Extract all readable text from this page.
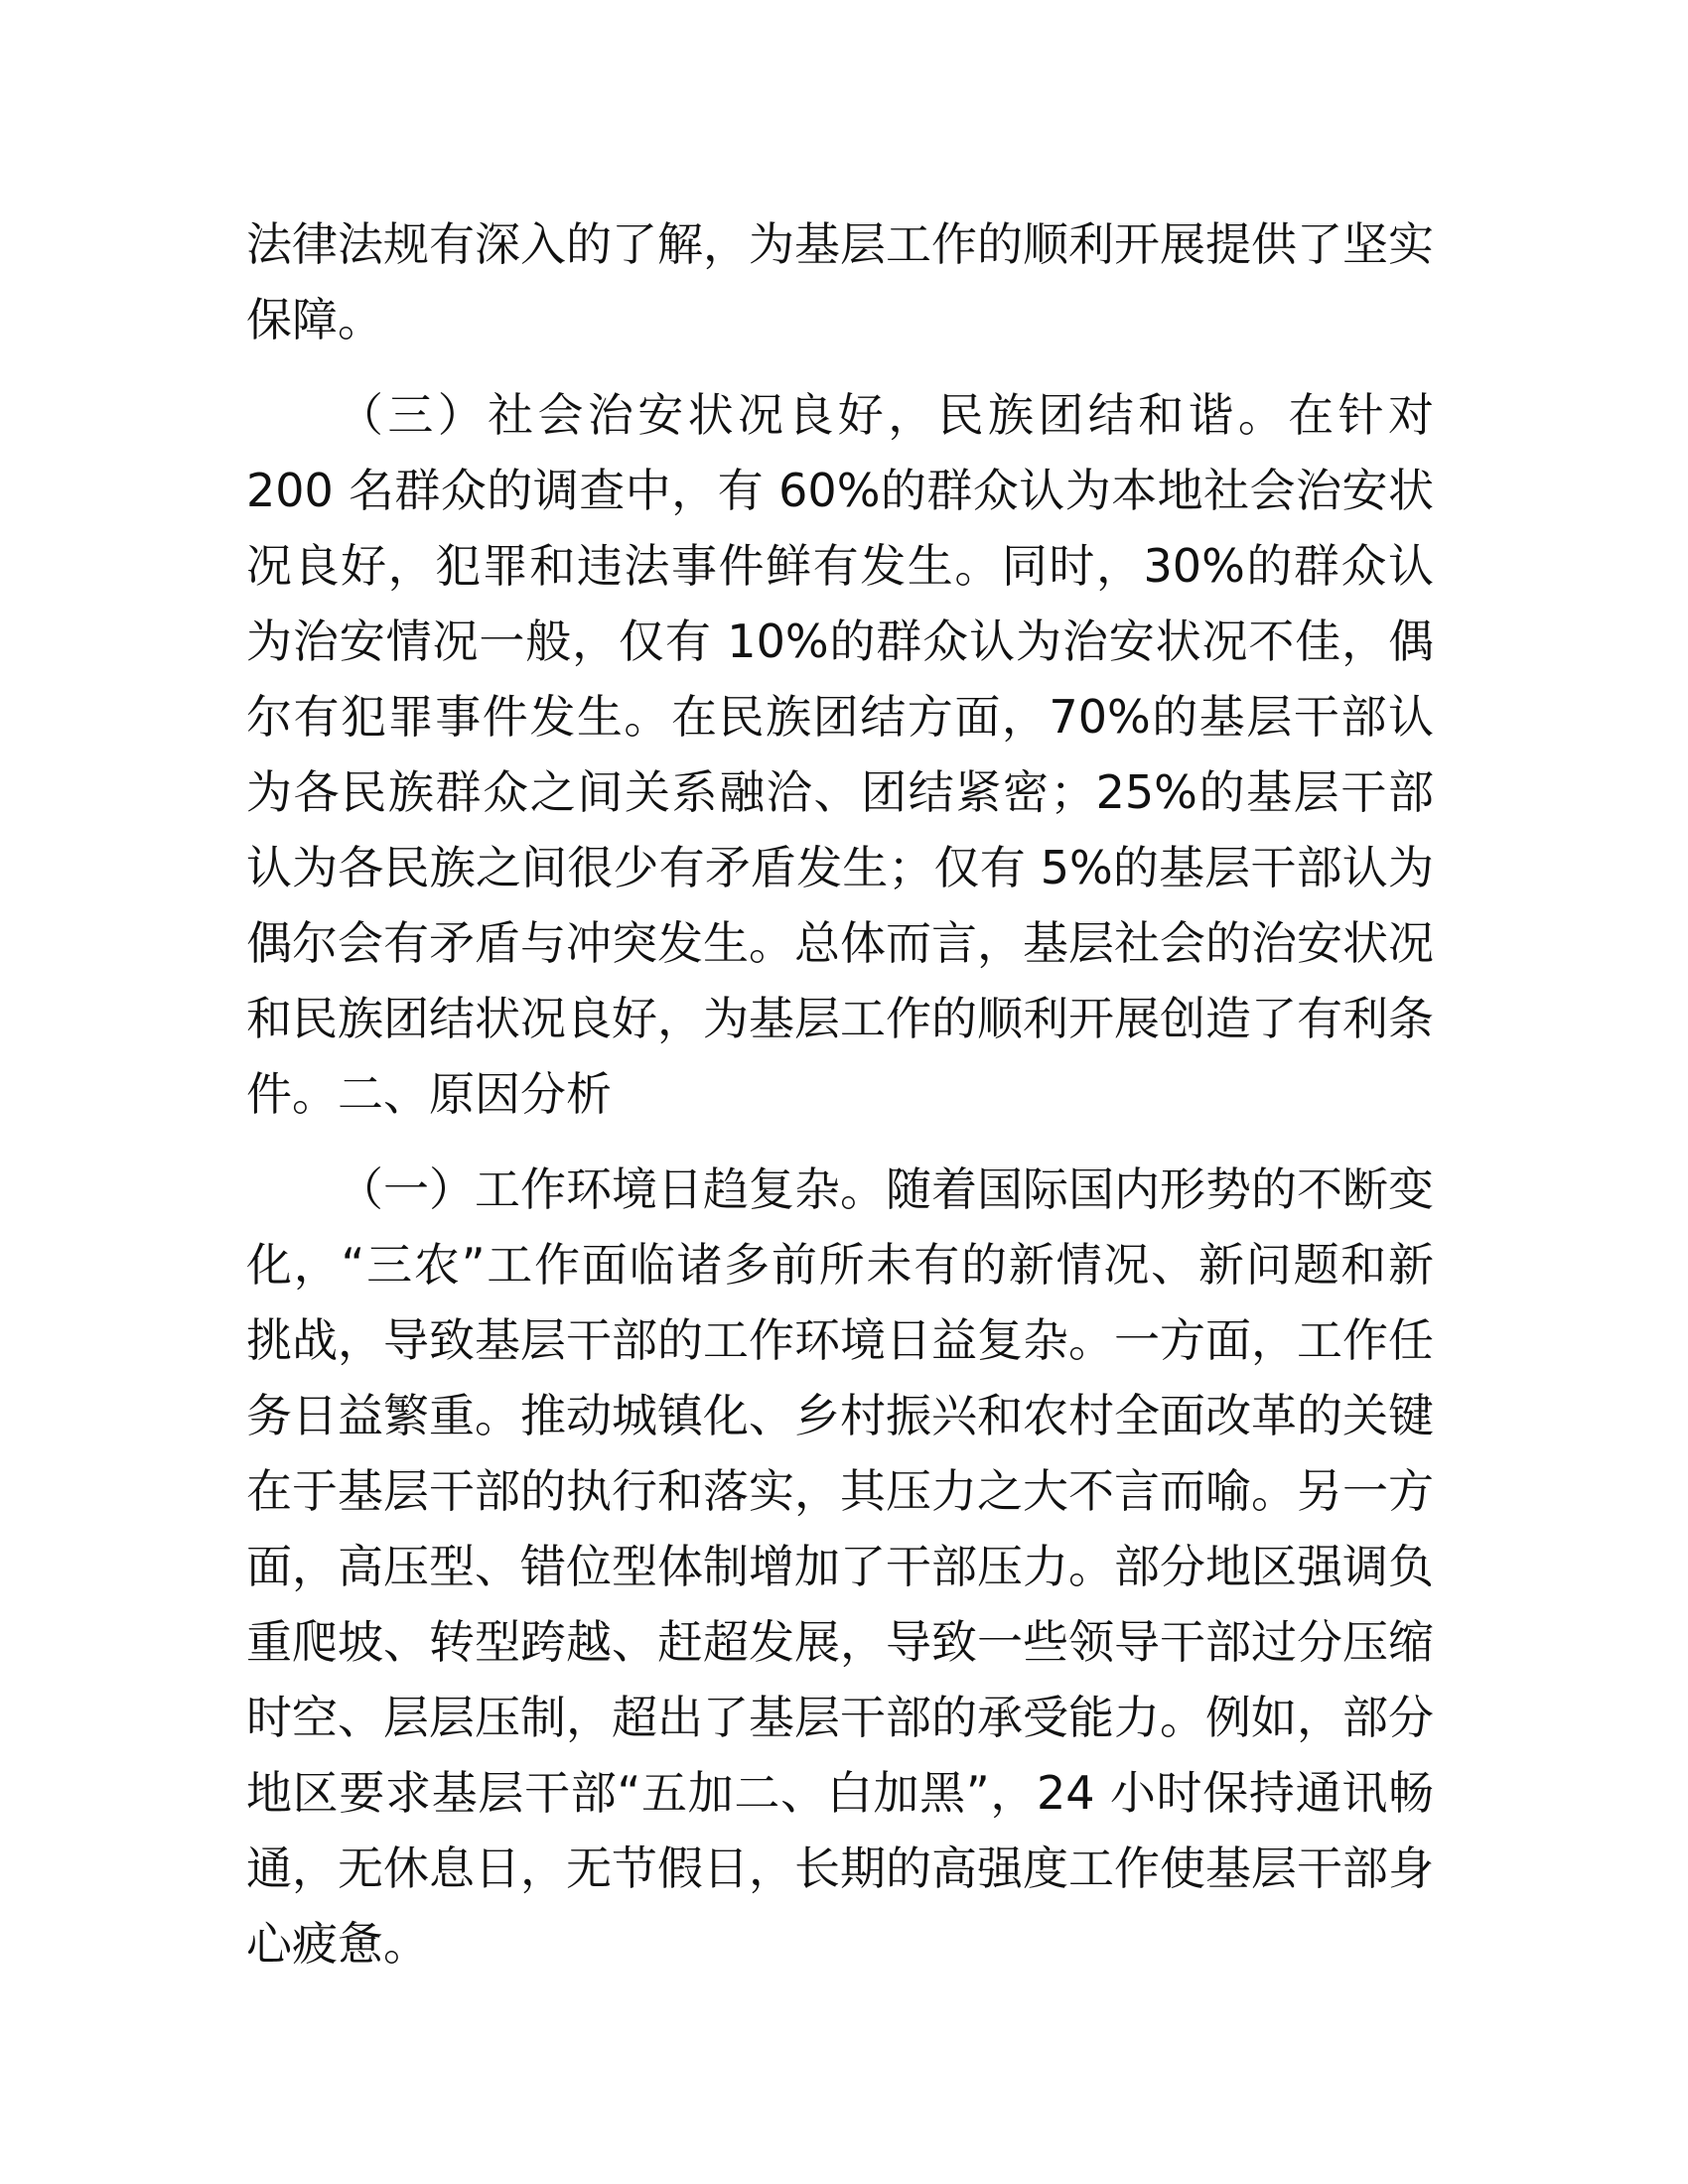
法律法规有深入的了解，为基层工作的顺利开展提供了坚实保障。

（三）社会治安状况良好，民族团结和谐。在针对 200 名群众的调查中，有 60%的群众认为本地社会治安状况良好，犯罪和违法事件鲜有发生。同时，30%的群众认为治安情况一般，仅有 10%的群众认为治安状况不佳，偶尔有犯罪事件发生。在民族团结方面，70%的基层干部认为各民族群众之间关系融洽、团结紧密；25%的基层干部认为各民族之间很少有矛盾发生；仅有 5%的基层干部认为偶尔会有矛盾与冲突发生。总体而言，基层社会的治安状况和民族团结状况良好，为基层工作的顺利开展创造了有利条件。二、原因分析

（一）工作环境日趋复杂。随着国际国内形势的不断变化，“三农”工作面临诸多前所未有的新情况、新问题和新挑战，导致基层干部的工作环境日益复杂。一方面，工作任务日益繁重。推动城镇化、乡村振兴和农村全面改革的关键在于基层干部的执行和落实，其压力之大不言而喻。另一方面，高压型、错位型体制增加了干部压力。部分地区强调负重爬坡、转型跨越、赶超发展，导致一些领导干部过分压缩时空、层层压制，超出了基层干部的承受能力。例如，部分地区要求基层干部“五加二、白加黑”，24 小时保持通讯畅通，无休息日，无节假日，长期的高强度工作使基层干部身心疲惫。
